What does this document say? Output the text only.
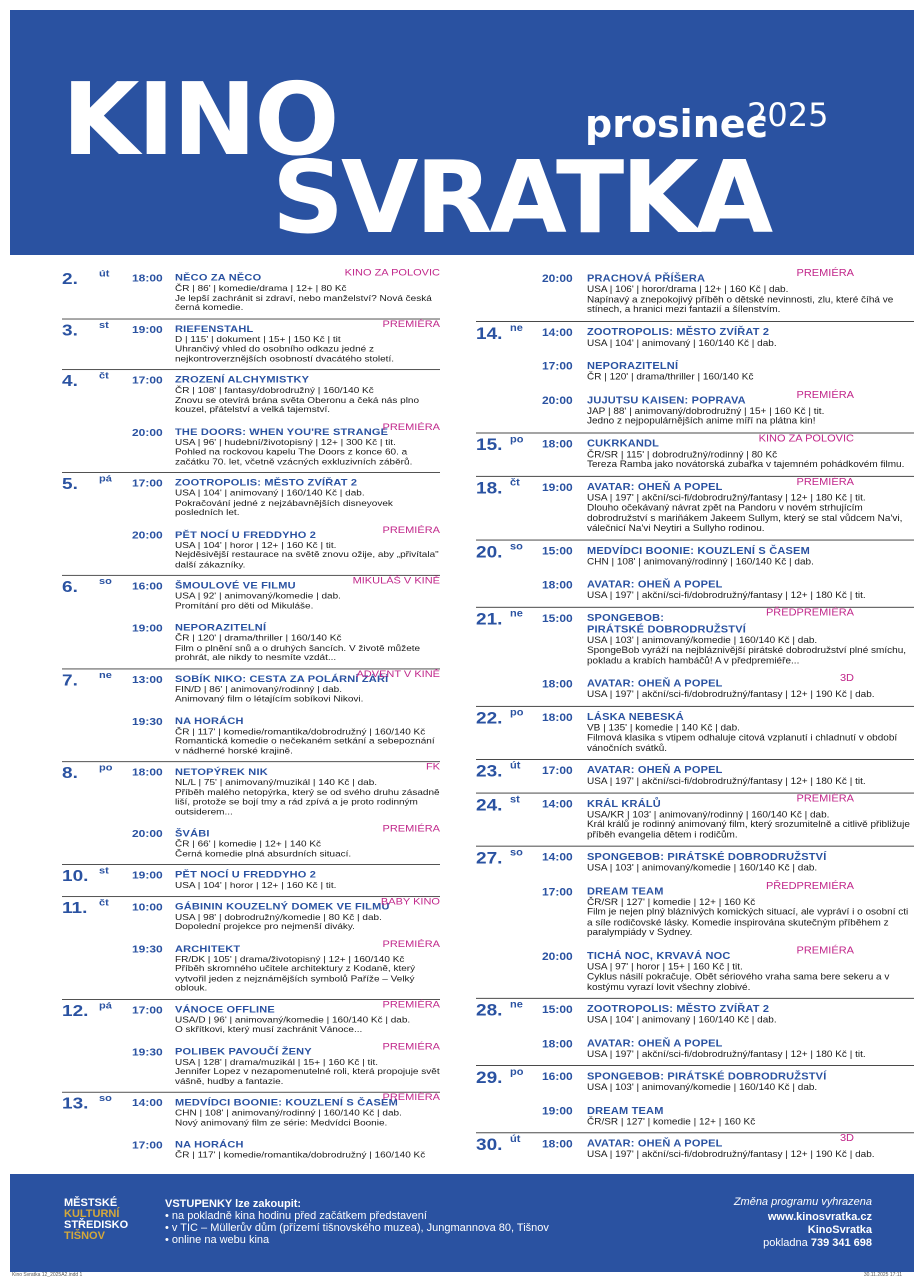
KINO
SVRATKA
prosinec
2025
2. út 18:00 NĚCO ZA NĚCO	KINO ZA POLOVIC
ČR | 86' | komedie/drama | 12+ | 80 Kč
Je lepší zachránit si zdraví, nebo manželství? Nová česká černá komedie.
3. st 19:00 RIEFENSTAHL	PREMIÉRA
D | 115' | dokument | 15+ | 150 Kč | tit
Uhrančivý vhled do osobního odkazu jedné z nejkontroverznějších osobností dvacátého století.
4. čt 17:00 ZROZENÍ ALCHYMISTKY
ČR | 108' | fantasy/dobrodružný | 160/140 Kč
Znovu se otevírá brána světa Oberonu a čeká nás plno kouzel, přátelství a velká tajemství.
20:00 THE DOORS: WHEN YOU'RE STRANGE
PREMIÉRA
USA | 96' | hudební/životopisný | 12+ | 300 Kč | tit.
Pohled na rockovou kapelu The Doors z konce 60. a začátku 70. let, včetně vzácných exkluzivních záběrů.
5. pá 17:00 ZOOTROPOLIS: MĚSTO ZVÍŘAT 2
USA | 104' | animovaný | 160/140 Kč | dab.
Pokračování jedné z nejzábavnějších disneyovek posledních let.
20:00 PĚT NOCÍ U FREDDYHO 2	PREMIÉRA
USA | 104' | horor | 12+ | 160 Kč | tit.
Nejděsivější restaurace na světě znovu ožije, aby „přivítala" další zákazníky.
6. so 16:00 ŠMOULOVÉ VE FILMU	MIKULÁŠ V KINĚ
USA | 92' | animovaný/komedie | dab.
Promítání pro děti od Mikuláše.
19:00 NEPORAZITELNÍ
ČR | 120' | drama/thriller | 160/140 Kč
Film o plnění snů a o druhých šancích. V životě můžete prohrát, ale nikdy to nesmíte vzdát...
7. ne 13:00 SOBÍK NIKO: CESTA ZA POLÁRNÍ ZÁŘÍ
ADVENT V KINĚ
FIN/D | 86' | animovaný/rodinný | dab.
Animovaný film o létajícím sobíkovi Nikovi.
19:30 NA HORÁCH
ČR | 117' | komedie/romantika/dobrodružný | 160/140 Kč
Romantická komedie o nečekaném setkání a sebepoznání v nádherné horské krajině.
8. po 18:00 NETOPÝREK NIK	FK
NL/L | 75' | animovaný/muzikál | 140 Kč | dab.
Příběh malého netopýrka, který se od svého druhu zásadně liší, protože se bojí tmy a rád zpívá a je proto rodinným outsiderem...
20:00 ŠVÁBI	PREMIÉRA
ČR | 66' | komedie | 12+ | 140 Kč
Černá komedie plná absurdních situací.
10. st 19:00 PĚT NOCÍ U FREDDYHO 2
USA | 104' | horor | 12+ | 160 Kč | tit.
11. čt 10:00 GÁBININ KOUZELNÝ DOMEK VE FILMU
BABY KINO
USA | 98' | dobrodružný/komedie | 80 Kč | dab.
Dopolední projekce pro nejmenší diváky.
19:30 ARCHITEKT	PREMIÉRA
FR/DK | 105' | drama/životopisný | 12+ | 160/140 Kč
Příběh skromného učitele architektury z Kodaně, který vytvořil jeden z nejznámějších symbolů Paříže – Velký oblouk.
12. pá 17:00 VÁNOCE OFFLINE	PREMIÉRA
USA/D | 96' | animovaný/komedie | 160/140 Kč | dab.
O skřítkovi, který musí zachránit Vánoce...
19:30 POLIBEK PAVOUČÍ ŽENY
PREMIÉRA
USA | 128' | drama/muzikál | 15+ | 160 Kč | tit.
Jennifer Lopez v nezapomenutelné roli, která propojuje svět vášně, hudby a fantazie.
13. so 14:00 MEDVÍDCI BOONIE: KOUZLENÍ S ČASEM
PREMIÉRA
CHN | 108' | animovaný/rodinný | 160/140 Kč | dab.
Nový animovaný film ze série: Medvídci Boonie.
17:00 NA HORÁCH
ČR | 117' | komedie/romantika/dobrodružný | 160/140 Kč
20:00 PRACHOVÁ PŘÍŠERA	PREMIÉRA
USA | 106' | horor/drama | 12+ | 160 Kč | dab.
Napínavý a znepokojivý příběh o dětské nevinnosti, zlu, které číhá ve stínech, a hranici mezi fantazií a šílenstvím.
14. ne 14:00 ZOOTROPOLIS: MĚSTO ZVÍŘAT 2
USA | 104' | animovaný | 160/140 Kč | dab.
17:00 NEPORAZITELNÍ
ČR | 120' | drama/thriller | 160/140 Kč
20:00 JUJUTSU KAISEN: POPRAVA
PREMIÉRA
JAP | 88' | animovaný/dobrodružný | 15+ | 160 Kč | tit.
Jedno z nejpopulárnějších anime míří na plátna kin!
15. po 18:00 CUKRKANDL	KINO ZA POLOVIC
ČR/SR | 115' | dobrodružný/rodinný | 80 Kč
Tereza Ramba jako novátorská zubařka v tajemném pohádkovém filmu.
18. čt 19:00 AVATAR: OHEŇ A POPEL	PREMIÉRA
USA | 197' | akční/sci-fi/dobrodružný/fantasy | 12+ | 180 Kč | tit.
Dlouho očekávaný návrat zpět na Pandoru v novém strhujícím dobrodružství s mariňákem Jakeem Sullym, který se stal vůdcem Na'vi, válečnicí Na'vi Neytiri a Sullyho rodinou.
20. so 15:00 MEDVÍDCI BOONIE: KOUZLENÍ S ČASEM
CHN | 108' | animovaný/rodinný | 160/140 Kč | dab.
18:00 AVATAR: OHEŇ A POPEL
USA | 197' | akční/sci-fi/dobrodružný/fantasy | 12+ | 180 Kč | tit.
21. ne 15:00 SPONGEBOB:
PIRÁTSKÉ DOBRODRUŽSTVÍ
PŘEDPREMIÉRA
USA | 103' | animovaný/komedie | 160/140 Kč | dab.
SpongeBob vyráží na nejbláznivější pirátské dobrodružství plné smíchu, pokladu a krabích hambáčů! A v předpremiéře...
18:00 AVATAR: OHEŇ A POPEL	3D
USA | 197' | akční/sci-fi/dobrodružný/fantasy | 12+ | 190 Kč | dab.
22. po 18:00 LÁSKA NEBESKÁ
VB | 135' | komedie | 140 Kč | dab.
Filmová klasika s vtipem odhaluje citová vzplanutí i chladnutí v období vánočních svátků.
23. út 17:00 AVATAR: OHEŇ A POPEL
USA | 197' | akční/sci-fi/dobrodružný/fantasy | 12+ | 180 Kč | tit.
24. st 14:00 KRÁL KRÁLŮ	PREMIÉRA
USA/KR | 103' | animovaný/rodinný | 160/140 Kč | dab.
Král králů je rodinný animovaný film, který srozumitelně a citlivě přibližuje příběh evangelia dětem i rodičům.
27. so 14:00 SPONGEBOB: PIRÁTSKÉ DOBRODRUŽSTVÍ
USA | 103' | animovaný/komedie | 160/140 Kč | dab.
17:00 DREAM TEAM	PŘEDPREMIÉRA
ČR/SR | 127' | komedie | 12+ | 160 Kč
Film je nejen plný bláznivých komických situací, ale vypráví i o osobní cti a síle rodičovské lásky. Komedie inspirována skutečným příběhem z paralympiády v Sydney.
20:00 TICHÁ NOC, KRVAVÁ NOC	PREMIÉRA
USA | 97' | horor | 15+ | 160 Kč | tit.
Cyklus násilí pokračuje. Obět sériového vraha sama bere sekeru a v kostýmu vyrazí lovit všechny zlobivé.
28. ne 15:00 ZOOTROPOLIS: MĚSTO ZVÍŘAT 2
USA | 104' | animovaný | 160/140 Kč | dab.
18:00 AVATAR: OHEŇ A POPEL
USA | 197' | akční/sci-fi/dobrodružný/fantasy | 12+ | 180 Kč | tit.
29. po 16:00 SPONGEBOB: PIRÁTSKÉ DOBRODRUŽSTVÍ
USA | 103' | animovaný/komedie | 160/140 Kč | dab.
19:00 DREAM TEAM
ČR/SR | 127' | komedie | 12+ | 160 Kč
30. út 18:00 AVATAR: OHEŇ A POPEL	3D
USA | 197' | akční/sci-fi/dobrodružný/fantasy | 12+ | 190 Kč | dab.
MĚSTSKÉ
KULTURNÍ
STŘEDISKO
TIŠNOV
VSTUPENKY lze zakoupit:
• na pokladně kina hodinu před začátkem představení
• v TIC – Müllerův dům (přízemí tišnovského muzea), Jungmannova 80, Tišnov
• online na webu kina
Změna programu vyhrazena
www.kinosvratka.cz
KinoSvratka
pokladna 739 341 698
Kino Svratka 12_2025A2.indd 1	30.11.2025 17:11
